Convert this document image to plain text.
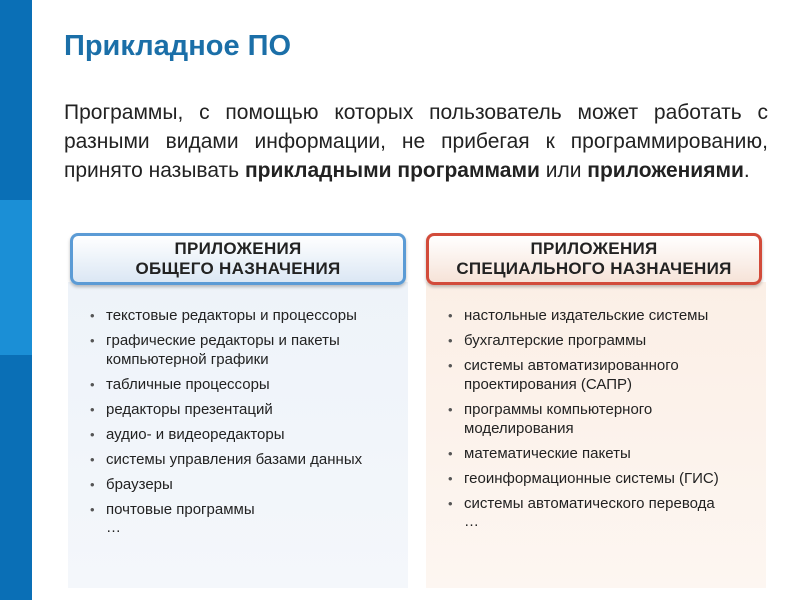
Прикладное ПО
Программы, с помощью которых пользователь может работать с разными видами информации, не прибегая к программированию, принято называть прикладными программами или приложениями.
ПРИЛОЖЕНИЯ
ОБЩЕГО НАЗНАЧЕНИЯ
ПРИЛОЖЕНИЯ
СПЕЦИАЛЬНОГО НАЗНАЧЕНИЯ
• текстовые редакторы и процессоры
• графические редакторы и пакеты компьютерной графики
• табличные процессоры
• редакторы презентаций
• аудио- и видеоредакторы
• системы управления базами данных
• браузеры
• почтовые программы
…
• настольные издательские системы
• бухгалтерские программы
• системы автоматизированного проектирования (САПР)
• программы компьютерного моделирования
• математические пакеты
• геоинформационные системы (ГИС)
• системы автоматического перевода
…
